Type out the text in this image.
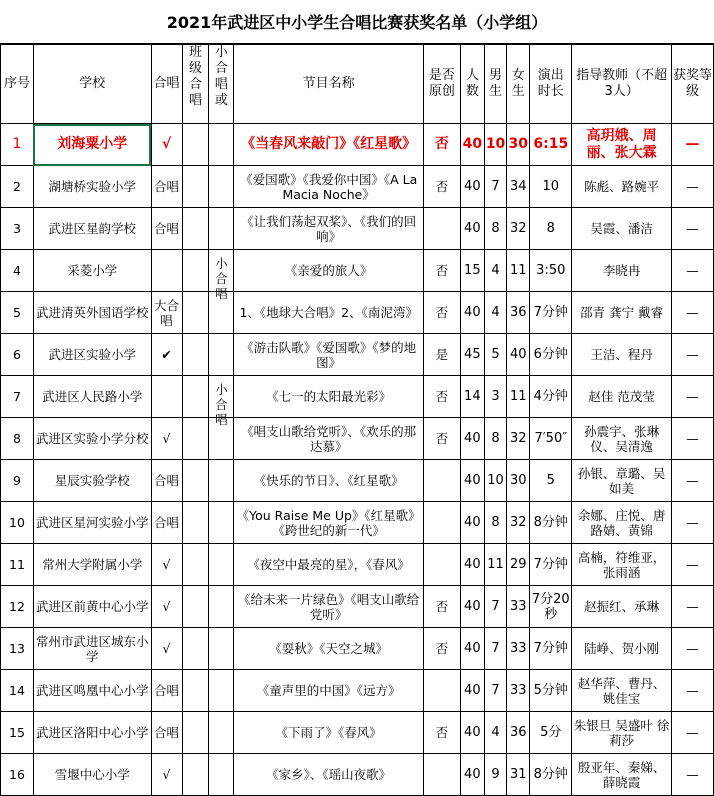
2021年武进区中小学生合唱比赛获奖名单（小学组）
序号	学校	合唱	班级合唱	小合唱或	节目名称	是否原创	人数	男生	女生	演出时长	指导教师（不超3人）	获奖等级
1	刘海粟小学	√			《当春风来敲门》《红星歌》	否	40	10	30	6:15	高玥娥、周丽、张大霖	—
2	湖塘桥实验小学	合唱			《爱国歌》《我爱你中国》《A La Macia Noche》	否	40	7	34	10	陈彪、路婉平	—
3	武进区星韵学校	合唱			《让我们荡起双桨》、《我们的回响》		40	8	32	8	吴霞、潘洁	—
4	采菱小学			小合唱	《亲爱的旅人》	否	15	4	11	3:50	李晓冉	—
5	武进清英外国语学校	大合唱			1、《地球大合唱》2、《南泥湾》	否	40	4	36	7分钟	邵青 龚宁 戴睿	—
6	武进区实验小学	✔			《游击队歌》《爱国歌》《梦的地图》	是	45	5	40	6分钟	王洁、程丹	—
7	武进区人民路小学			小合唱	《七一的太阳最光彩》	否	14	3	11	4分钟	赵佳 范茂莹	—
8	武进区实验小学分校	√			《唱支山歌给党听》、《欢乐的那达慕》	否	40	8	32	7′50″	孙震宇、张琳仪、吴清逸	—
9	星辰实验学校	合唱			《快乐的节日》、《红星歌》		40	10	30	5	孙银、章璐、吴如美	—
10	武进区星河实验小学	合唱			《You Raise Me Up》《红星歌》《跨世纪的新一代》		40	8	32	8分钟	余娜、庄悦、唐路婧、黄锦	—
11	常州大学附属小学	√			《夜空中最亮的星》，《春风》		40	11	29	7分钟	高楠，符维亚，张雨涵	—
12	武进区前黄中心小学	√			《给未来一片绿色》《唱支山歌给党听》	否	40	7	33	7分20秒	赵振红、承琳	—
13	常州市武进区城东小学	√			《耍秋》《天空之城》	否	40	7	33	7分钟	陆峥、贺小刚	—
14	武进区鸣凰中心小学	合唱			《童声里的中国》《远方》		40	7	33	5分钟	赵华萍、曹丹、姚佳宝	—
15	武进区洛阳中心小学	合唱			《下雨了》《春风》	否	40	4	36	5分	朱银旦 吴盛叶 徐莉莎	—
16	雪堰中心小学	√			《家乡》、《瑶山夜歌》		40	9	31	8分钟	殷亚年、秦娣、薛晓霞	—
